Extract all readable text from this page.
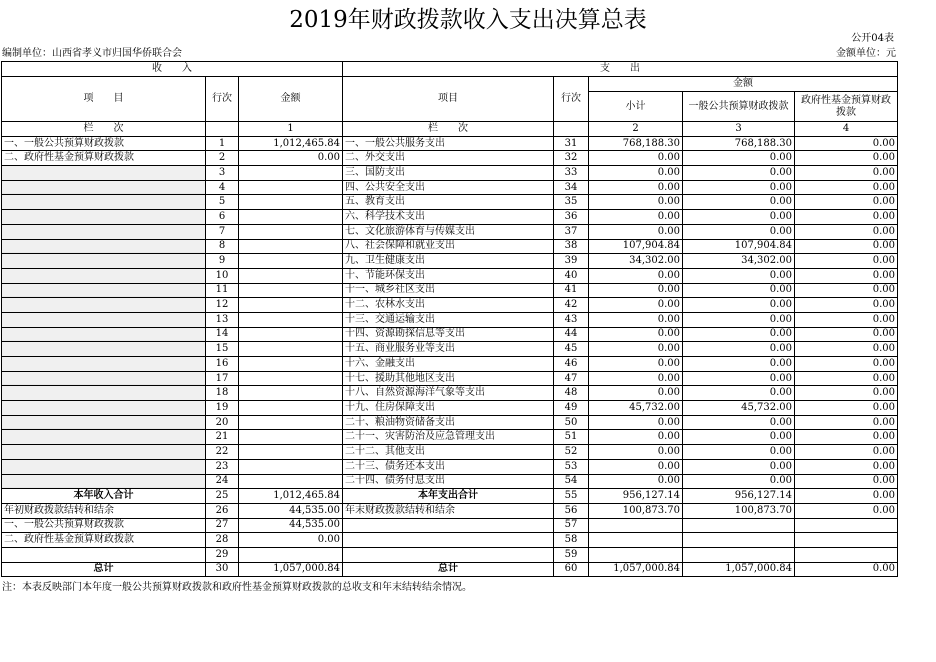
2019年财政拨款收入支出决算总表
公开04表
编制单位：山西省孝义市归国华侨联合会	金额单位：元
收　　入			支　　出				
项　　目	行次	金额	项目	行次	金额		
					小计	一般公共预算财政拨款	政府性基金预算财政拨款
栏　　次		1	栏　　次		2	3	4
一、一般公共预算财政拨款	1	1,012,465.84	一、一般公共服务支出	31	768,188.30	768,188.30	0.00
二、政府性基金预算财政拨款	2	0.00	二、外交支出	32	0.00	0.00	0.00
	3		三、国防支出	33	0.00	0.00	0.00
	4		四、公共安全支出	34	0.00	0.00	0.00
	5		五、教育支出	35	0.00	0.00	0.00
	6		六、科学技术支出	36	0.00	0.00	0.00
	7		七、文化旅游体育与传媒支出	37	0.00	0.00	0.00
	8		八、社会保障和就业支出	38	107,904.84	107,904.84	0.00
	9		九、卫生健康支出	39	34,302.00	34,302.00	0.00
	10		十、节能环保支出	40	0.00	0.00	0.00
	11		十一、城乡社区支出	41	0.00	0.00	0.00
	12		十二、农林水支出	42	0.00	0.00	0.00
	13		十三、交通运输支出	43	0.00	0.00	0.00
	14		十四、资源勘探信息等支出	44	0.00	0.00	0.00
	15		十五、商业服务业等支出	45	0.00	0.00	0.00
	16		十六、金融支出	46	0.00	0.00	0.00
	17		十七、援助其他地区支出	47	0.00	0.00	0.00
	18		十八、自然资源海洋气象等支出	48	0.00	0.00	0.00
	19		十九、住房保障支出	49	45,732.00	45,732.00	0.00
	20		二十、粮油物资储备支出	50	0.00	0.00	0.00
	21		二十一、灾害防治及应急管理支出	51	0.00	0.00	0.00
	22		二十二、其他支出	52	0.00	0.00	0.00
	23		二十三、债务还本支出	53	0.00	0.00	0.00
	24		二十四、债务付息支出	54	0.00	0.00	0.00
本年收入合计	25	1,012,465.84	本年支出合计	55	956,127.14	956,127.14	0.00
年初财政拨款结转和结余	26	44,535.00	年末财政拨款结转和结余	56	100,873.70	100,873.70	0.00
一、一般公共预算财政拨款	27	44,535.00		57			
二、政府性基金预算财政拨款	28	0.00		58			
	29			59			
总计	30	1,057,000.84	总计	60	1,057,000.84	1,057,000.84	0.00
注：本表反映部门本年度一般公共预算财政拨款和政府性基金预算财政拨款的总收支和年末结转结余情况。
